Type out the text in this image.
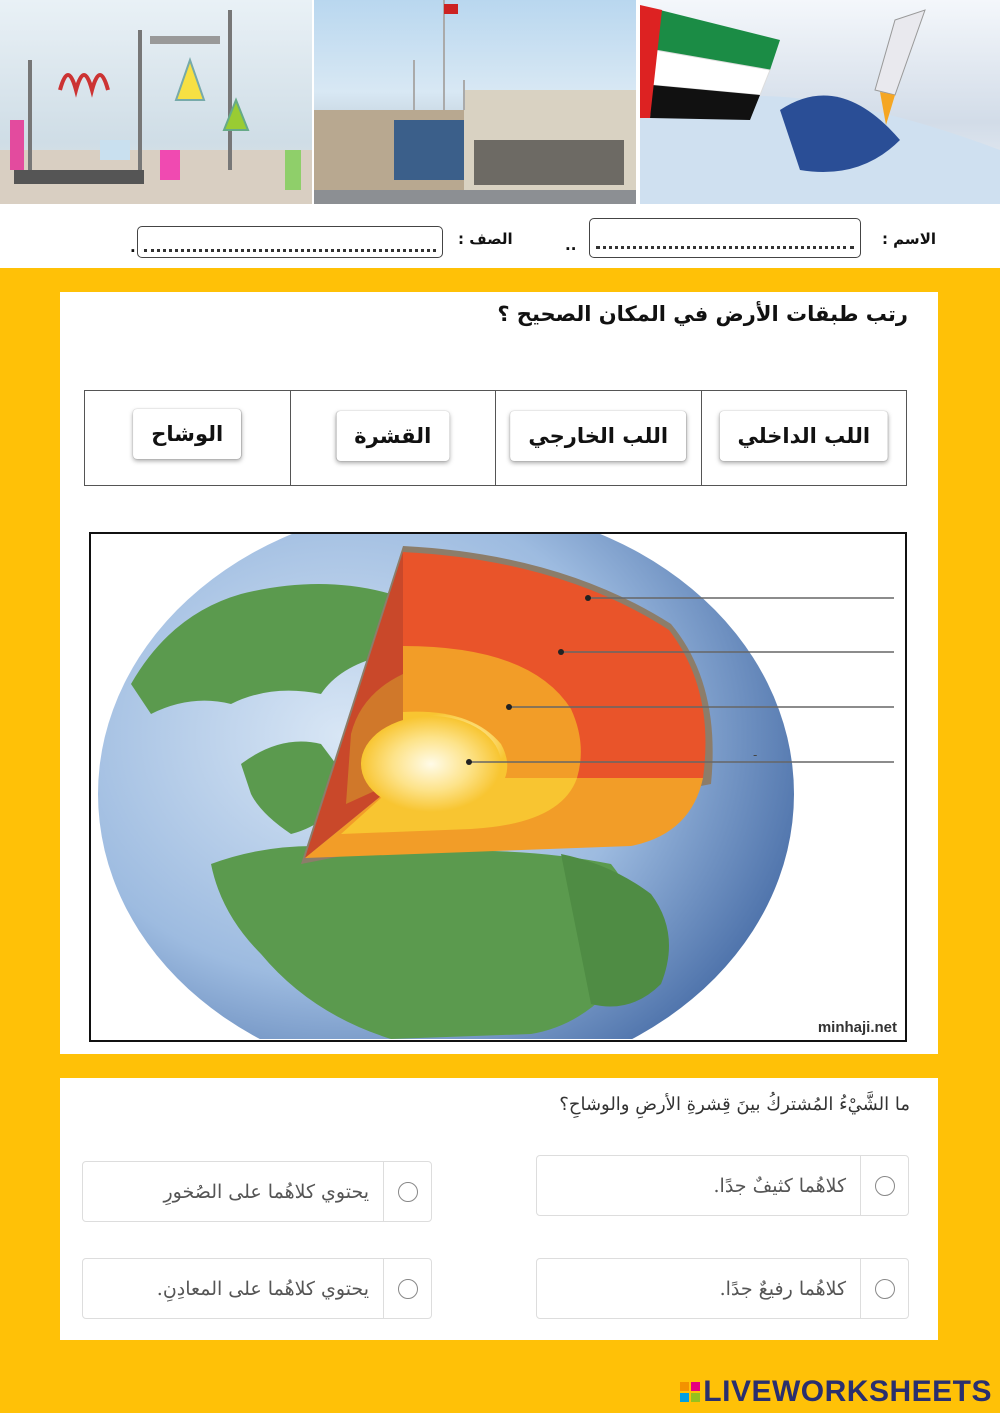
الاسم :
..
الصف :
.
رتب طبقات الأرض في المكان الصحيح ؟
اللب الداخلي
اللب الخارجي
القشرة
الوشاح
-
minhaji.net
ما الشَّيْءُ المُشتركُ بينَ قِشرةِ الأرضِ والوشاحِ؟
كلاهُما كثيفٌ جدًا.
يحتوي كلاهُما على الصُخورِ
كلاهُما رفيعٌ جدًا.
يحتوي كلاهُما على المعادِنِ.
LIVEWORKSHEETS
